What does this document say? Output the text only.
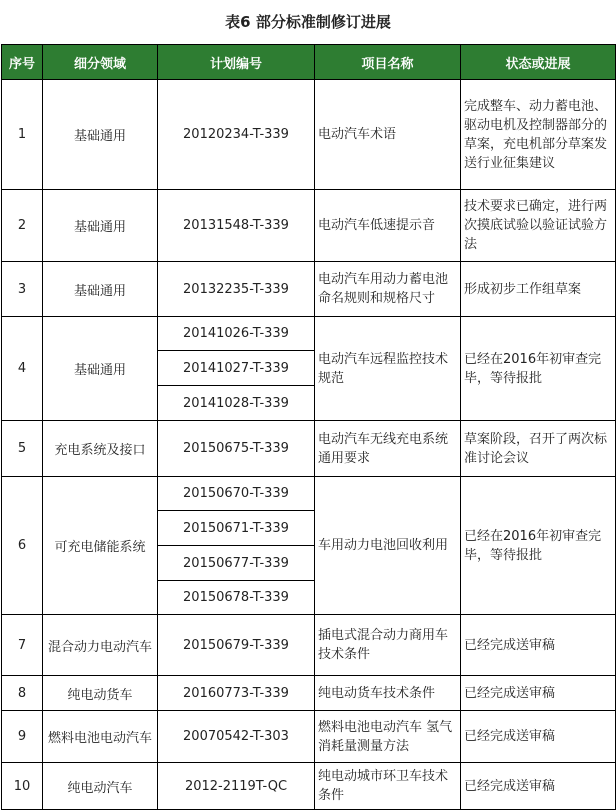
表6 部分标准制修订进展
序号	细分领域	计划编号	项目名称	状态或进展
1	基础通用	20120234-T-339	电动汽车术语	完成整车、动力蓄电池、驱动电机及控制器部分的草案，充电机部分草案发送行业征集建议
2	基础通用	20131548-T-339	电动汽车低速提示音	技术要求已确定，进行两次摸底试验以验证试验方法
3	基础通用	20132235-T-339	电动汽车用动力蓄电池命名规则和规格尺寸	形成初步工作组草案
4	基础通用	20141026-T-339	电动汽车远程监控技术规范	已经在2016年初审查完毕，等待报批
		20141027-T-339		
		20141028-T-339		
5	充电系统及接口	20150675-T-339	电动汽车无线充电系统通用要求	草案阶段，召开了两次标准讨论会议
6	可充电储能系统	20150670-T-339	车用动力电池回收利用	已经在2016年初审查完毕，等待报批
		20150671-T-339		
		20150677-T-339		
		20150678-T-339		
7	混合动力电动汽车	20150679-T-339	插电式混合动力商用车技术条件	已经完成送审稿
8	纯电动货车	20160773-T-339	纯电动货车技术条件	已经完成送审稿
9	燃料电池电动汽车	20070542-T-303	燃料电池电动汽车 氢气消耗量测量方法	已经完成送审稿
10	纯电动汽车	2012-2119T-QC	纯电动城市环卫车技术条件	已经完成送审稿
